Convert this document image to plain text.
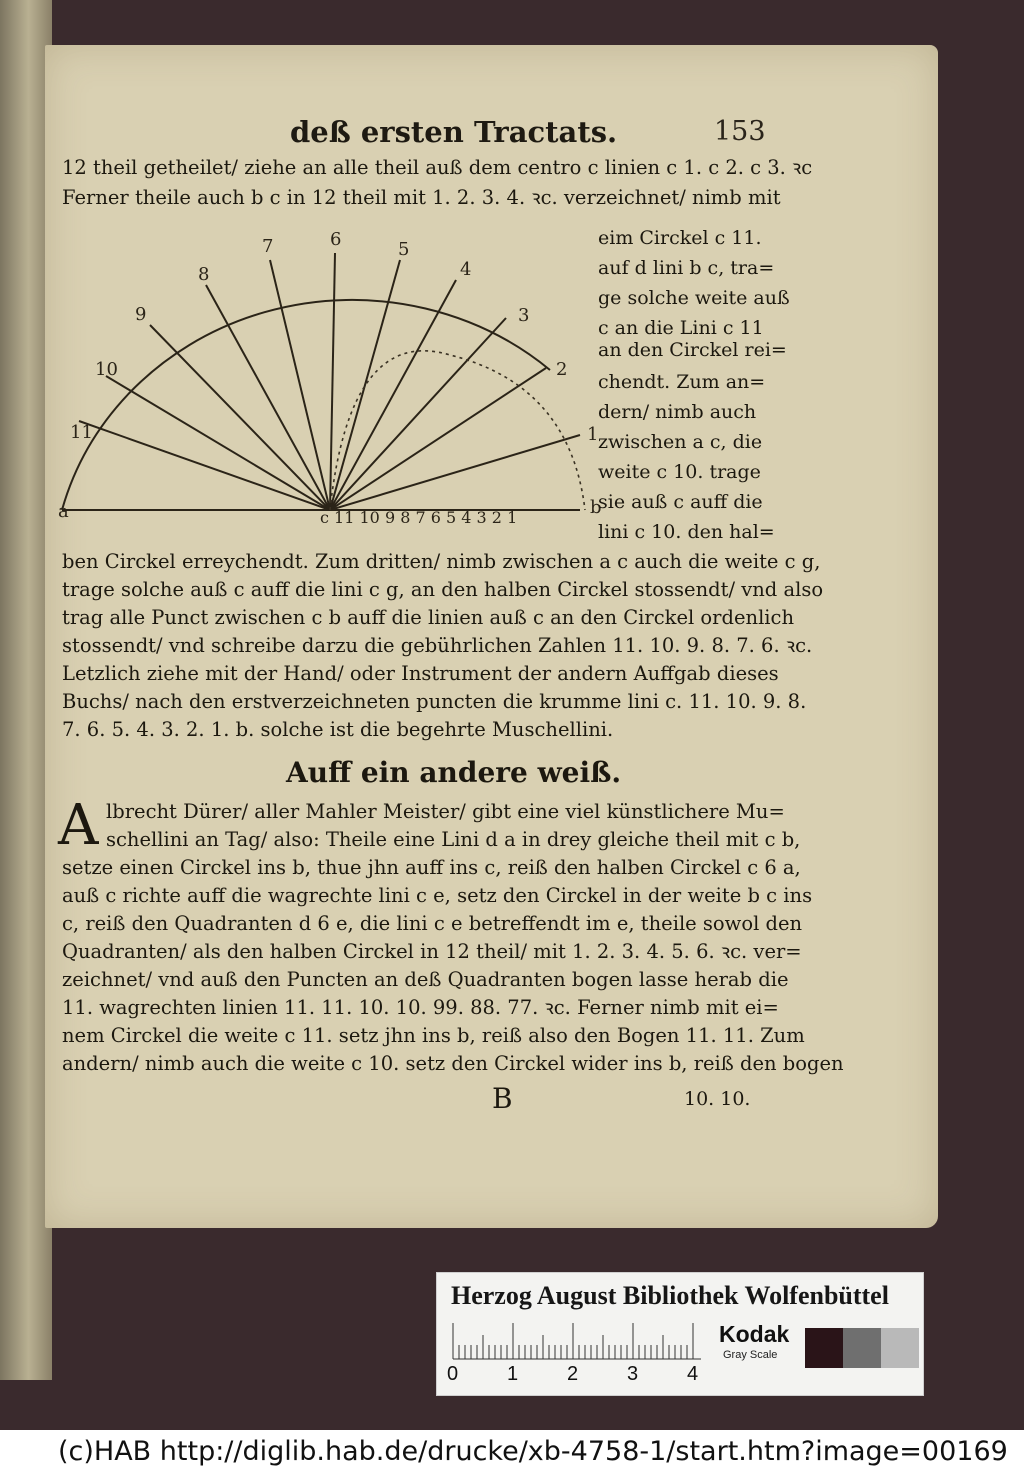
deß ersten Tractats.	153
12 theil getheilet/ ziehe an alle theil auß dem centro c linien c 1. c 2. c 3. ꝛc
Ferner theile auch b c in 12 theil mit 1. 2. 3. 4. ꝛc. verzeichnet/ nimb mit
11
10
9
8
7	6	5
4
3
2
1
a	b
c 11 10 9 8 7 6 5 4 3 2 1
eim Circkel c 11.
auf d lini b c, tra=
ge solche weite auß
c an die Lini c 11
an den Circkel rei=
chendt. Zum an=
dern/ nimb auch
zwischen a c, die
weite c 10. trage
sie auß c auff die
lini c 10. den hal=
ben Circkel erreychendt. Zum dritten/ nimb zwischen a c auch die weite c g,
trage solche auß c auff die lini c g, an den halben Circkel stossendt/ vnd also
trag alle Punct zwischen c b auff die linien auß c an den Circkel ordenlich
stossendt/ vnd schreibe darzu die gebührlichen Zahlen 11. 10. 9. 8. 7. 6. ꝛc.
Letzlich ziehe mit der Hand/ oder Instrument der andern Auffgab dieses
Buchs/ nach den erstverzeichneten puncten die krumme lini c. 11. 10. 9. 8.
7. 6. 5. 4. 3. 2. 1. b. solche ist die begehrte Muschellini.
Auff ein andere weiß.
A lbrecht Dürer/ aller Mahler Meister/ gibt eine viel künstlichere Mu=
schellini an Tag/ also: Theile eine Lini d a in drey gleiche theil mit c b,
setze einen Circkel ins b, thue jhn auff ins c, reiß den halben Circkel c 6 a,
auß c richte auff die wagrechte lini c e, setz den Circkel in der weite b c ins
c, reiß den Quadranten d 6 e, die lini c e betreffendt im e, theile sowol den
Quadranten/ als den halben Circkel in 12 theil/ mit 1. 2. 3. 4. 5. 6. ꝛc. ver=
zeichnet/ vnd auß den Puncten an deß Quadranten bogen lasse herab die
11. wagrechten linien 11. 11. 10. 10. 99. 88. 77. ꝛc. Ferner nimb mit ei=
nem Circkel die weite c 11. setz jhn ins b, reiß also den Bogen 11. 11. Zum
andern/ nimb auch die weite c 10. setz den Circkel wider ins b, reiß den bogen
B	10. 10.
Herzog August Bibliothek Wolfenbüttel
0 1 2 3 4
Kodak
Gray Scale
(c)HAB http://diglib.hab.de/drucke/xb-4758-1/start.htm?image=00169
